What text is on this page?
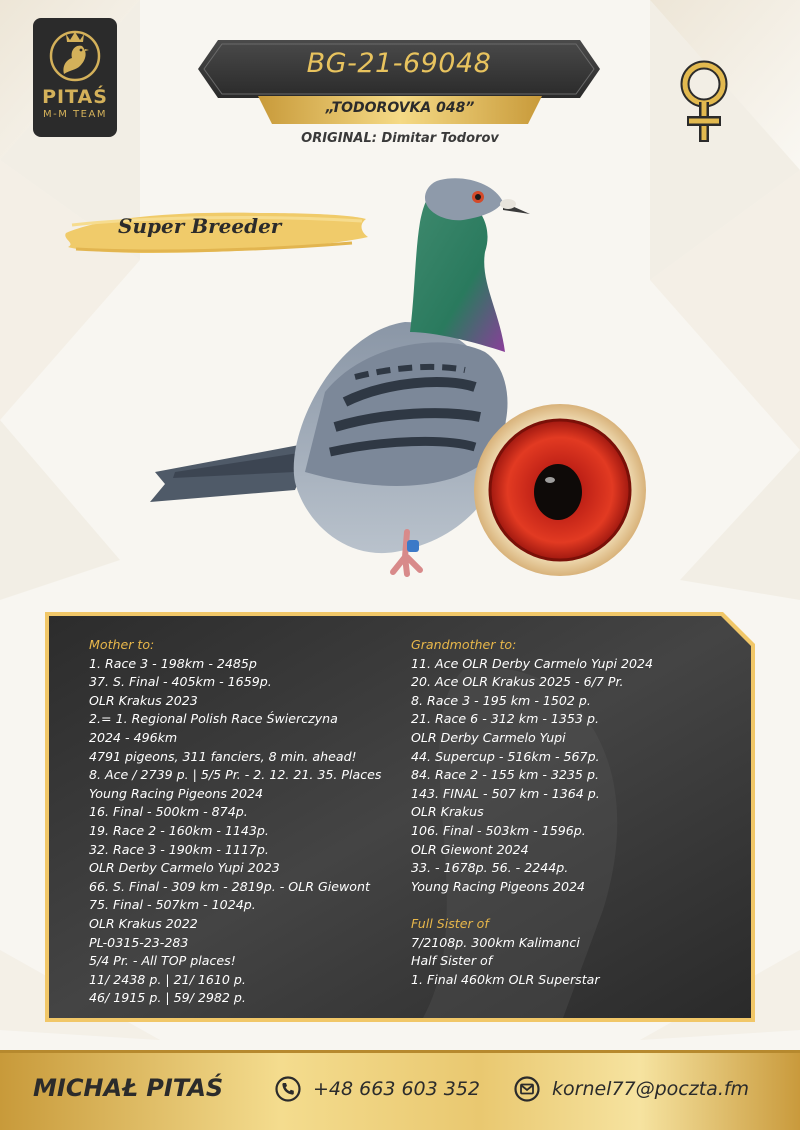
PITAŚ
M-M TEAM
BG-21-69048
„TODOROVKA 048”
ORIGINAL: Dimitar Todorov
Super Breeder
Mother to:
1. Race 3 - 198km - 2485p
37. S. Final - 405km - 1659p.
OLR Krakus 2023
2.= 1. Regional Polish Race Świerczyna
2024 - 496km
4791 pigeons, 311 fanciers, 8 min. ahead!
8. Ace / 2739 p. | 5/5 Pr. - 2. 12. 21. 35. Places
Young Racing Pigeons 2024
16. Final - 500km - 874p.
19. Race 2 - 160km - 1143p.
32. Race 3 - 190km - 1117p.
OLR Derby Carmelo Yupi 2023
66. S. Final - 309 km - 2819p. - OLR Giewont
75. Final - 507km - 1024p.
OLR Krakus 2022
PL-0315-23-283
5/4 Pr. - All TOP places!
11/ 2438 p. | 21/ 1610 p.
46/ 1915 p. | 59/ 2982 p.
Grandmother to:
11. Ace OLR Derby Carmelo Yupi 2024
20. Ace OLR Krakus 2025 - 6/7 Pr.
8. Race 3 - 195 km - 1502 p.
21. Race 6 - 312 km - 1353 p.
OLR Derby Carmelo Yupi
44. Supercup - 516km - 567p.
84. Race 2 - 155 km - 3235 p.
143. FINAL - 507 km - 1364 p.
OLR Krakus
106. Final - 503km - 1596p.
OLR Giewont 2024
33. - 1678p. 56. - 2244p.
Young Racing Pigeons 2024
Full Sister of
7/2108p. 300km Kalimanci
Half Sister of
1. Final 460km OLR Superstar
MICHAŁ PITAŚ	+48 663 603 352	kornel77@poczta.fm
